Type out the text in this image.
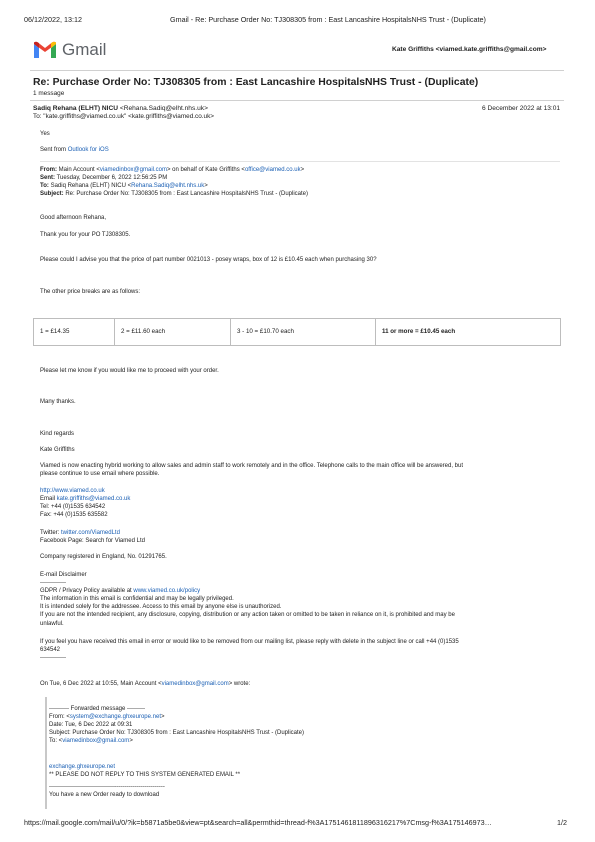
06/12/2022, 13:12	Gmail - Re: Purchase Order No: TJ308305 from : East Lancashire HospitalsNHS Trust - (Duplicate)
Gmail	Kate Griffiths <viamed.kate.griffiths@gmail.com>
Re: Purchase Order No: TJ308305 from : East Lancashire HospitalsNHS Trust - (Duplicate)
1 message
Sadiq Rehana (ELHT) NICU <Rehana.Sadiq@elht.nhs.uk>	6 December 2022 at 13:01
To: "kate.griffiths@viamed.co.uk" <kate.griffiths@viamed.co.uk>
Yes
Sent from Outlook for iOS
From: Main Account <viamedinbox@gmail.com> on behalf of Kate Griffiths <office@viamed.co.uk>
Sent: Tuesday, December 6, 2022 12:56:25 PM
To: Sadiq Rehana (ELHT) NICU <Rehana.Sadiq@elht.nhs.uk>
Subject: Re: Purchase Order No: TJ308305 from : East Lancashire HospitalsNHS Trust - (Duplicate)
Good afternoon Rehana,
Thank you for your PO TJ308305.
Please could I advise you that the price of part number 0021013 - posey wraps, box of 12 is £10.45 each when purchasing 30?
The other price breaks are as follows:
1 = £14.35	2 = £11.60 each	3 - 10 = £10.70 each	11 or more = £10.45 each
Please let me know if you would like me to proceed with your order.
Many thanks.
Kind regards
Kate Griffiths
Viamed is now enacting hybrid working to allow sales and admin staff to work remotely and in the office. Telephone calls to the main office will be answered, but
please continue to use email where possible.
http://www.viamed.co.uk
Email kate.griffiths@viamed.co.uk
Tel: +44 (0)1535 634542
Fax: +44 (0)1535 635582
Twitter: twitter.com/ViamedLtd
Facebook Page: Search for Viamed Ltd
Company registered in England, No. 01291765.
E-mail Disclaimer
-------------
GDPR / Privacy Policy available at www.viamed.co.uk/policy
The information in this email is confidential and may be legally privileged.
It is intended solely for the addressee. Access to this email by anyone else is unauthorized.
If you are not the intended recipient, any disclosure, copying, distribution or any action taken or omitted to be taken in reliance on it, is prohibited and may be
unlawful.
If you feel you have received this email in error or would like to be removed from our mailing list, please reply with delete in the subject line or call +44 (0)1535
634542
-------------
On Tue, 6 Dec 2022 at 10:55, Main Account <viamedinbox@gmail.com> wrote:
---------- Forwarded message ---------
From: <system@exchange.ghxeurope.net>
Date: Tue, 6 Dec 2022 at 09:31
Subject: Purchase Order No: TJ308305 from : East Lancashire HospitalsNHS Trust - (Duplicate)
To: <viamedinbox@gmail.com>
exchange.ghxeurope.net
** PLEASE DO NOT REPLY TO THIS SYSTEM GENERATED EMAIL **
----------------------------------------------------------
You have a new Order ready to download
https://mail.google.com/mail/u/0/?ik=b5871a5be0&view=pt&search=all&permthid=thread-f%3A1751461811896316217%7Cmsg-f%3A175146973…	1/2
